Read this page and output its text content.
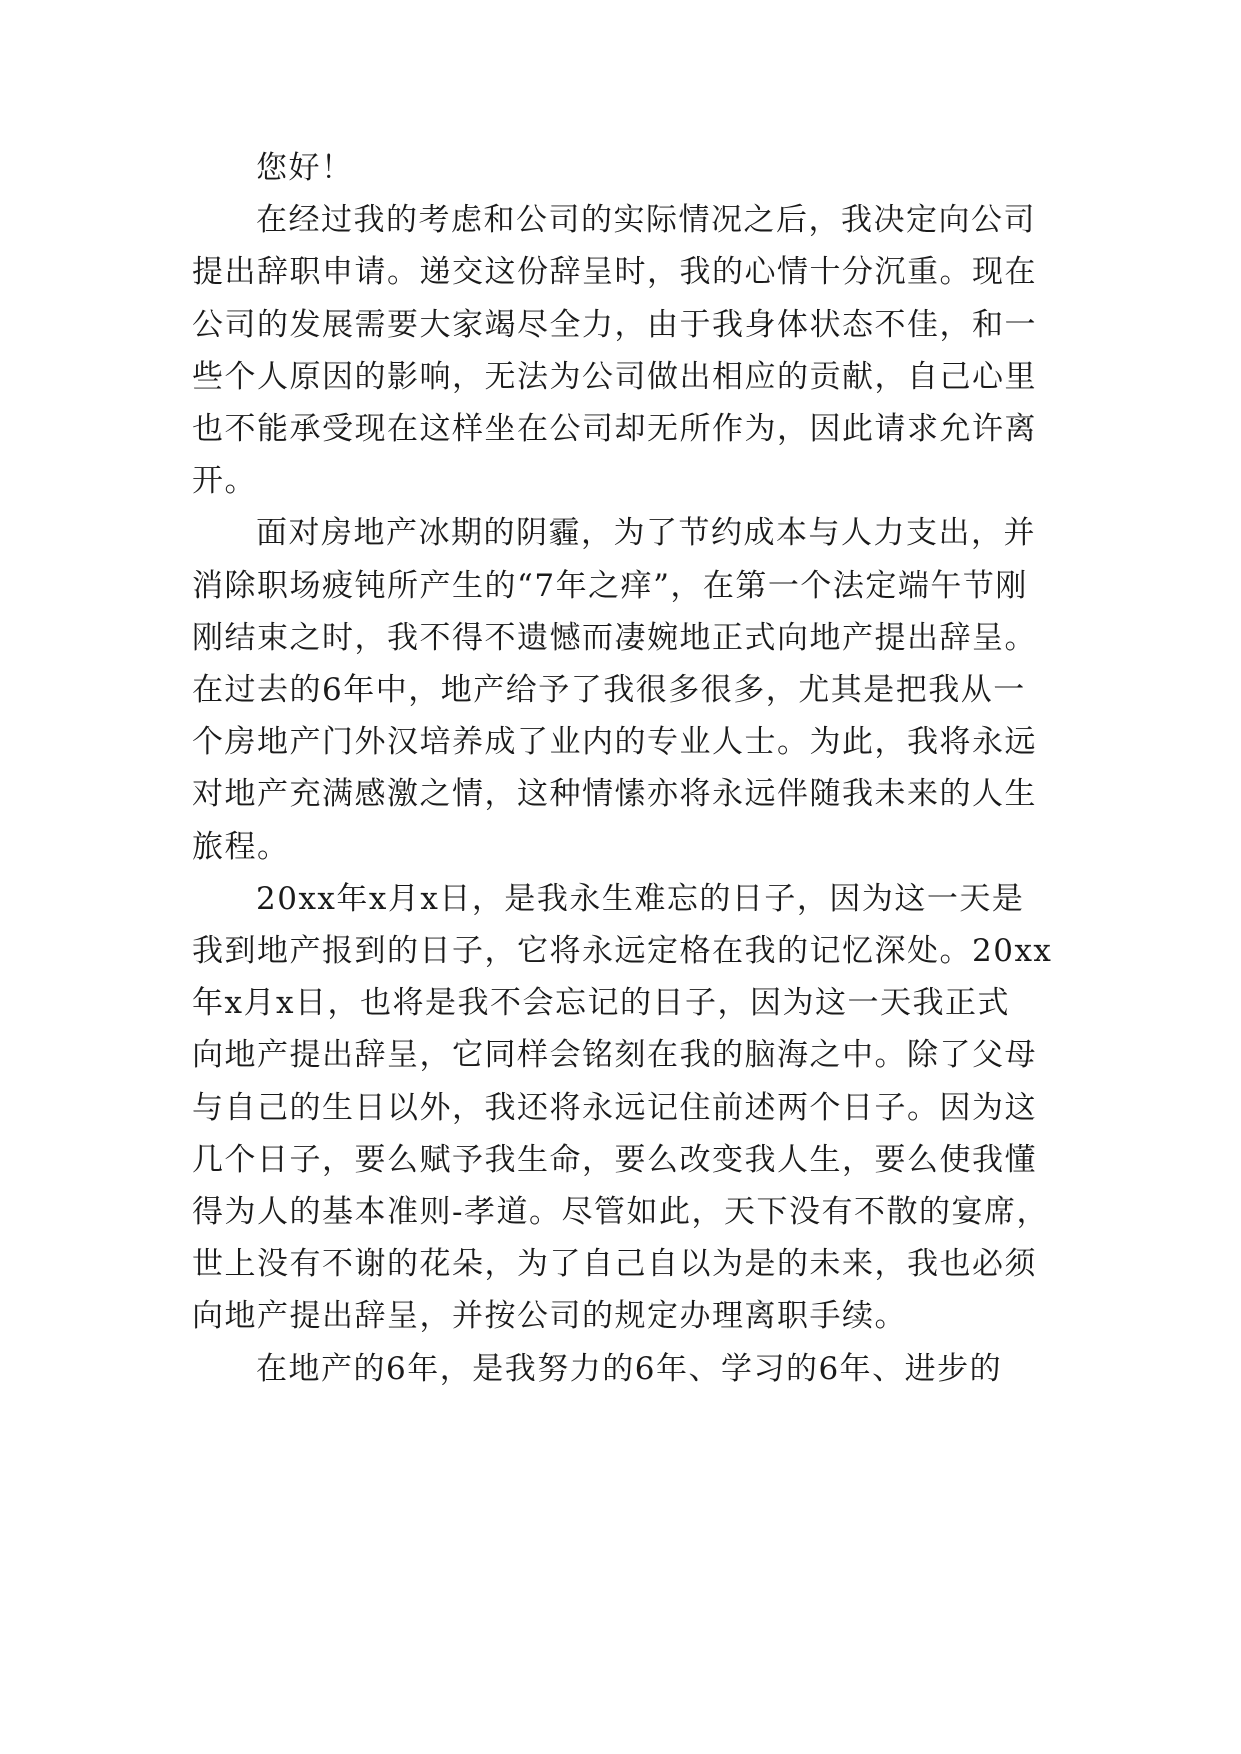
您好！
在经过我的考虑和公司的实际情况之后，我决定向公司
提出辞职申请。递交这份辞呈时，我的心情十分沉重。现在
公司的发展需要大家竭尽全力，由于我身体状态不佳，和一
些个人原因的影响，无法为公司做出相应的贡献，自己心里
也不能承受现在这样坐在公司却无所作为，因此请求允许离
开。
面对房地产冰期的阴霾，为了节约成本与人力支出，并
消除职场疲钝所产生的“7年之痒”，在第一个法定端午节刚
刚结束之时，我不得不遗憾而凄婉地正式向地产提出辞呈。
在过去的6年中，地产给予了我很多很多，尤其是把我从一
个房地产门外汉培养成了业内的专业人士。为此，我将永远
对地产充满感激之情，这种情愫亦将永远伴随我未来的人生
旅程。
20xx年x月x日，是我永生难忘的日子，因为这一天是
我到地产报到的日子，它将永远定格在我的记忆深处。20xx
年x月x日，也将是我不会忘记的日子，因为这一天我正式
向地产提出辞呈，它同样会铭刻在我的脑海之中。除了父母
与自己的生日以外，我还将永远记住前述两个日子。因为这
几个日子，要么赋予我生命，要么改变我人生，要么使我懂
得为人的基本准则-孝道。尽管如此，天下没有不散的宴席，
世上没有不谢的花朵，为了自己自以为是的未来，我也必须
向地产提出辞呈，并按公司的规定办理离职手续。
在地产的6年，是我努力的6年、学习的6年、进步的
